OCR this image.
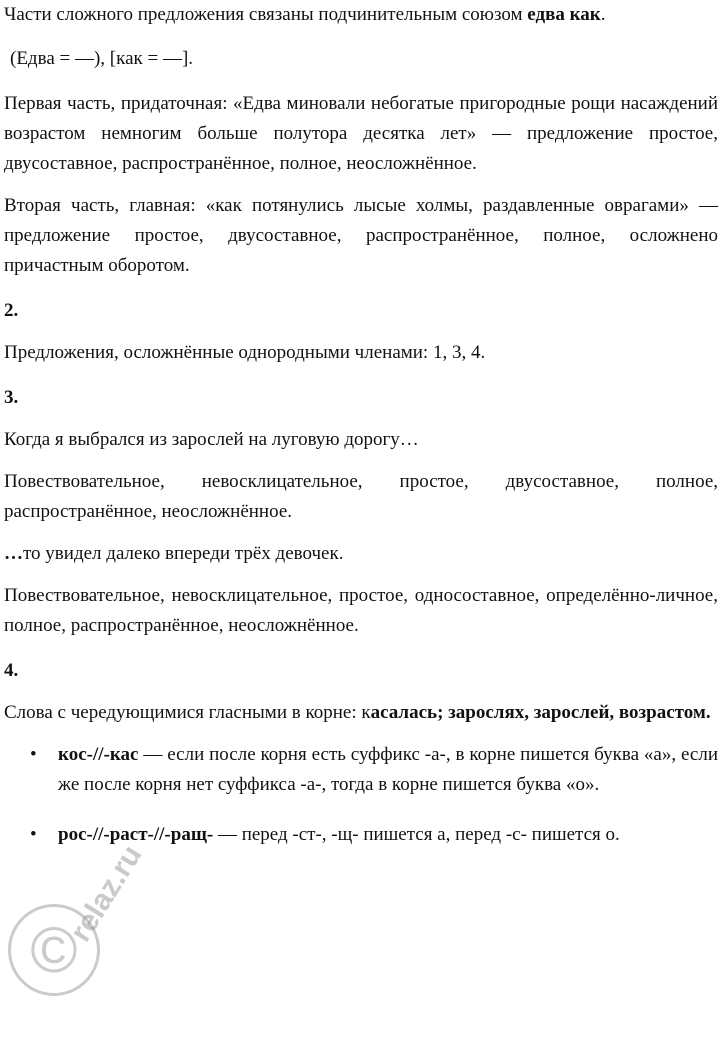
Части сложного предложения связаны подчинительным союзом едва как.

(Едва = —), [как = —].

Первая часть, придаточная: «Едва миновали небогатые пригородные рощи насаждений возрастом немногим больше полутора десятка лет» — предложение простое, двусоставное, распространённое, полное, неосложнённое.

Вторая часть, главная: «как потянулись лысые холмы, раздавленные оврагами» — предложение простое, двусоставное, распространённое, полное, осложнено причастным оборотом.

2.

Предложения, осложнённые однородными членами: 1, 3, 4.

3.

Когда я выбрался из зарослей на луговую дорогу…

Повествовательное, невосклицательное, простое, двусоставное, полное, распространённое, неосложнённое.

…то увидел далеко впереди трёх девочек.

Повествовательное, невосклицательное, простое, односоставное, определённо-личное, полное, распространённое, неосложнённое.

4.

Слова с чередующимися гласными в корне: касалась; зарослях, зарослей, возрастом.

• кос-//-кас — если после корня есть суффикс -а-, в корне пишется буква «а», если же после корня нет суффикса -а-, тогда в корне пишется буква «о».
• рос-//-раст-//-ращ- — перед -ст-, -щ- пишется а, перед -с- пишется о.
©
relaz.ru
